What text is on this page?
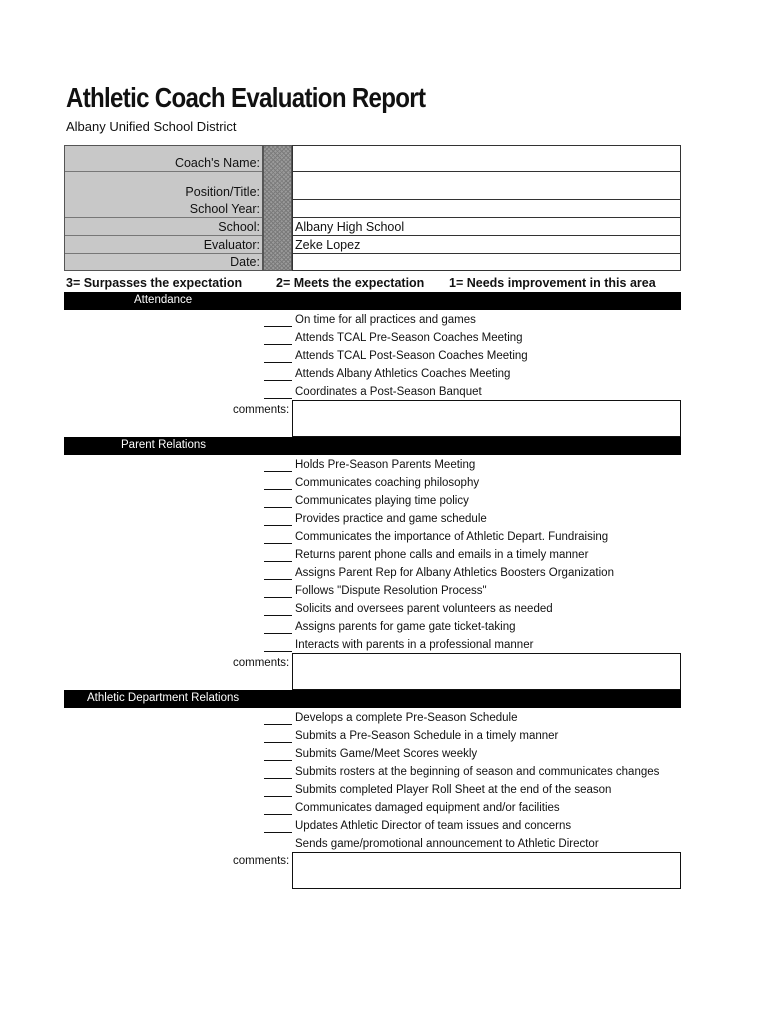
Athletic Coach Evaluation Report
Albany Unified School District
Coach's Name:
Position/Title:
School Year:
School:
Evaluator:
Date:
Albany High School
Zeke Lopez
3= Surpasses the expectation	2= Meets the expectation 1= Needs improvement in this area
Attendance
On time for all practices and games
Attends TCAL Pre-Season Coaches Meeting
Attends TCAL Post-Season Coaches Meeting
Attends Albany Athletics Coaches Meeting
Coordinates a Post-Season Banquet
comments:
Parent Relations
Holds Pre-Season Parents Meeting
Communicates coaching philosophy
Communicates playing time policy
Provides practice and game schedule
Communicates the importance of Athletic Depart. Fundraising
Returns parent phone calls and emails in a timely manner
Assigns Parent Rep for Albany Athletics Boosters Organization
Follows "Dispute Resolution Process"
Solicits and oversees parent volunteers as needed
Assigns parents for game gate ticket-taking
Interacts with parents in a professional manner
comments:
Athletic Department Relations
Develops a complete Pre-Season Schedule
Submits a Pre-Season Schedule in a timely manner
Submits Game/Meet Scores weekly
Submits rosters at the beginning of season and communicates changes
Submits completed Player Roll Sheet at the end of the season
Communicates damaged equipment and/or facilities
Updates Athletic Director of team issues and concerns
Sends game/promotional announcement to Athletic Director
comments:
